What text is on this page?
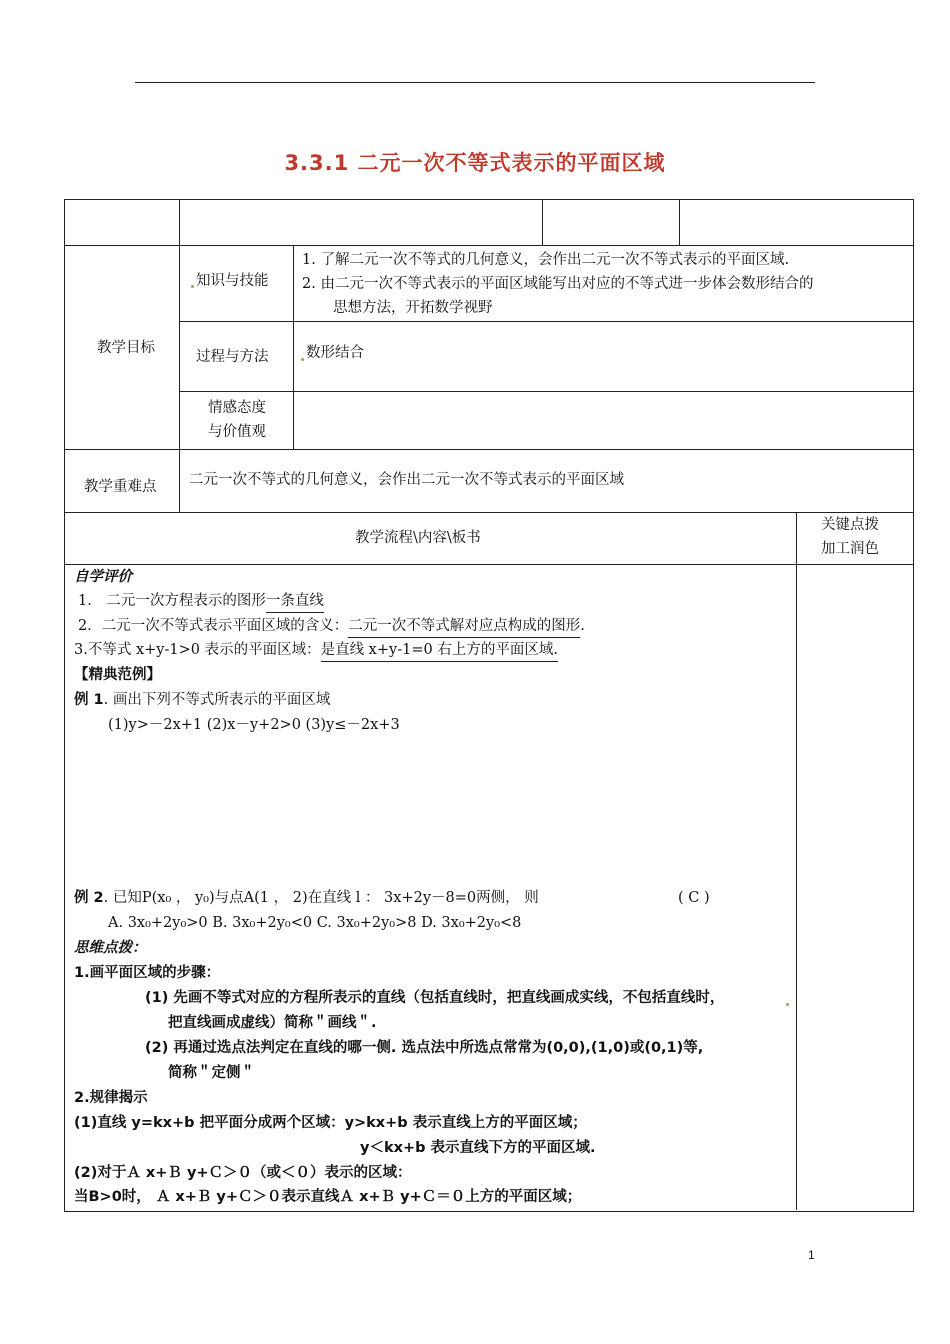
3.3.1 二元一次不等式表示的平面区域
教学目标
知识与技能
1. 了解二元一次不等式的几何意义，会作出二元一次不等式表示的平面区域.
2. 由二元一次不等式表示的平面区域能写出对应的不等式进一步体会数形结合的
思想方法，开拓数学视野
过程与方法	数形结合
情感态度
与价值观
教学重难点 二元一次不等式的几何意义，会作出二元一次不等式表示的平面区域
教学流程\内容\板书
关键点拨
加工润色
自学评价
1． 二元一次方程表示的图形一条直线
2．二元一次不等式表示平面区域的含义：二元一次不等式解对应点构成的图形.
3.不等式 x+y-1>0 表示的平面区域：是直线 x+y-1=0 右上方的平面区域.
【精典范例】
例 1. 画出下列不等式所表示的平面区域
(1)y>－2x+1 (2)x－y+2>0 (3)y≤－2x+3
例 2. 已知P(x₀ ， y₀)与点A(1 ， 2)在直线 l ： 3x+2y－8=0两侧， 则	( C )
A. 3x₀+2y₀>0 B. 3x₀+2y₀<0 C. 3x₀+2y₀>8 D. 3x₀+2y₀<8
思维点拨：
1.画平面区域的步骤：
(1) 先画不等式对应的方程所表示的直线（包括直线时，把直线画成实线，不包括直线时，
把直线画成虚线）简称＂画线＂.
(2) 再通过选点法判定在直线的哪一侧. 选点法中所选点常常为(0,0),(1,0)或(0,1)等,
简称＂定侧＂
2.规律揭示
(1)直线 y=kx+b 把平面分成两个区域：y>kx+b 表示直线上方的平面区域；
y＜kx+b 表示直线下方的平面区域.
(2)对于Ａ x+Ｂ y+Ｃ＞０（或＜０）表示的区域：
当B>0时， Ａ x+Ｂ y+Ｃ＞０表示直线Ａ x+Ｂ y+Ｃ＝０上方的平面区域；
1
